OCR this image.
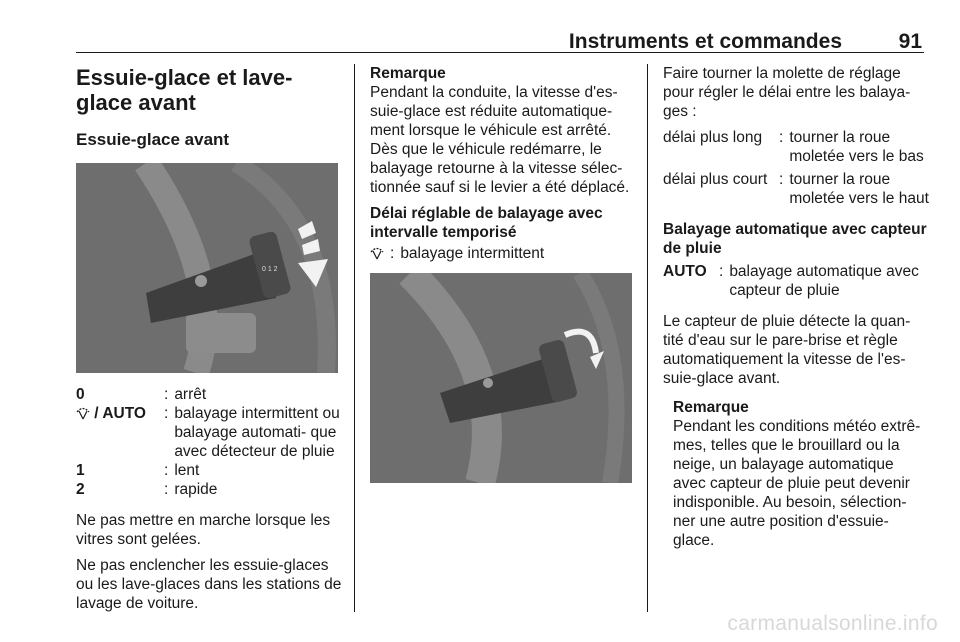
Instruments et commandes	91
Essuie-glace et lave-glace avant
Essuie-glace avant
0 1 2
0	: arrêt
/ AUTO	: balayage intermittent ou balayage automati‑ que avec détecteur de pluie
1	: lent
2	: rapide
Ne pas mettre en marche lorsque les vitres sont gelées.
Ne pas enclencher les essuie-glaces ou les lave-glaces dans les stations de lavage de voiture.
Remarque
Pendant la conduite, la vitesse d'es‑ suie-glace est réduite automatique‑ ment lorsque le véhicule est arrêté. Dès que le véhicule redémarre, le balayage retourne à la vitesse sélec‑ tionnée sauf si le levier a été déplacé.
Délai réglable de balayage avec intervalle temporisé
: balayage intermittent
Faire tourner la molette de réglage pour régler le délai entre les balaya‑ ges :
délai plus long	: tourner la roue moletée vers le bas
délai plus court : tourner la roue moletée vers le haut
Balayage automatique avec capteur de pluie
AUTO : balayage automatique avec capteur de pluie
Le capteur de pluie détecte la quan‑ tité d'eau sur le pare-brise et règle automatiquement la vitesse de l'es‑ suie-glace avant.
Remarque
Pendant les conditions météo extrê‑ mes, telles que le brouillard ou la neige, un balayage automatique avec capteur de pluie peut devenir indisponible. Au besoin, sélection‑ ner une autre position d'essuie- glace.
carmanualsonline.info
